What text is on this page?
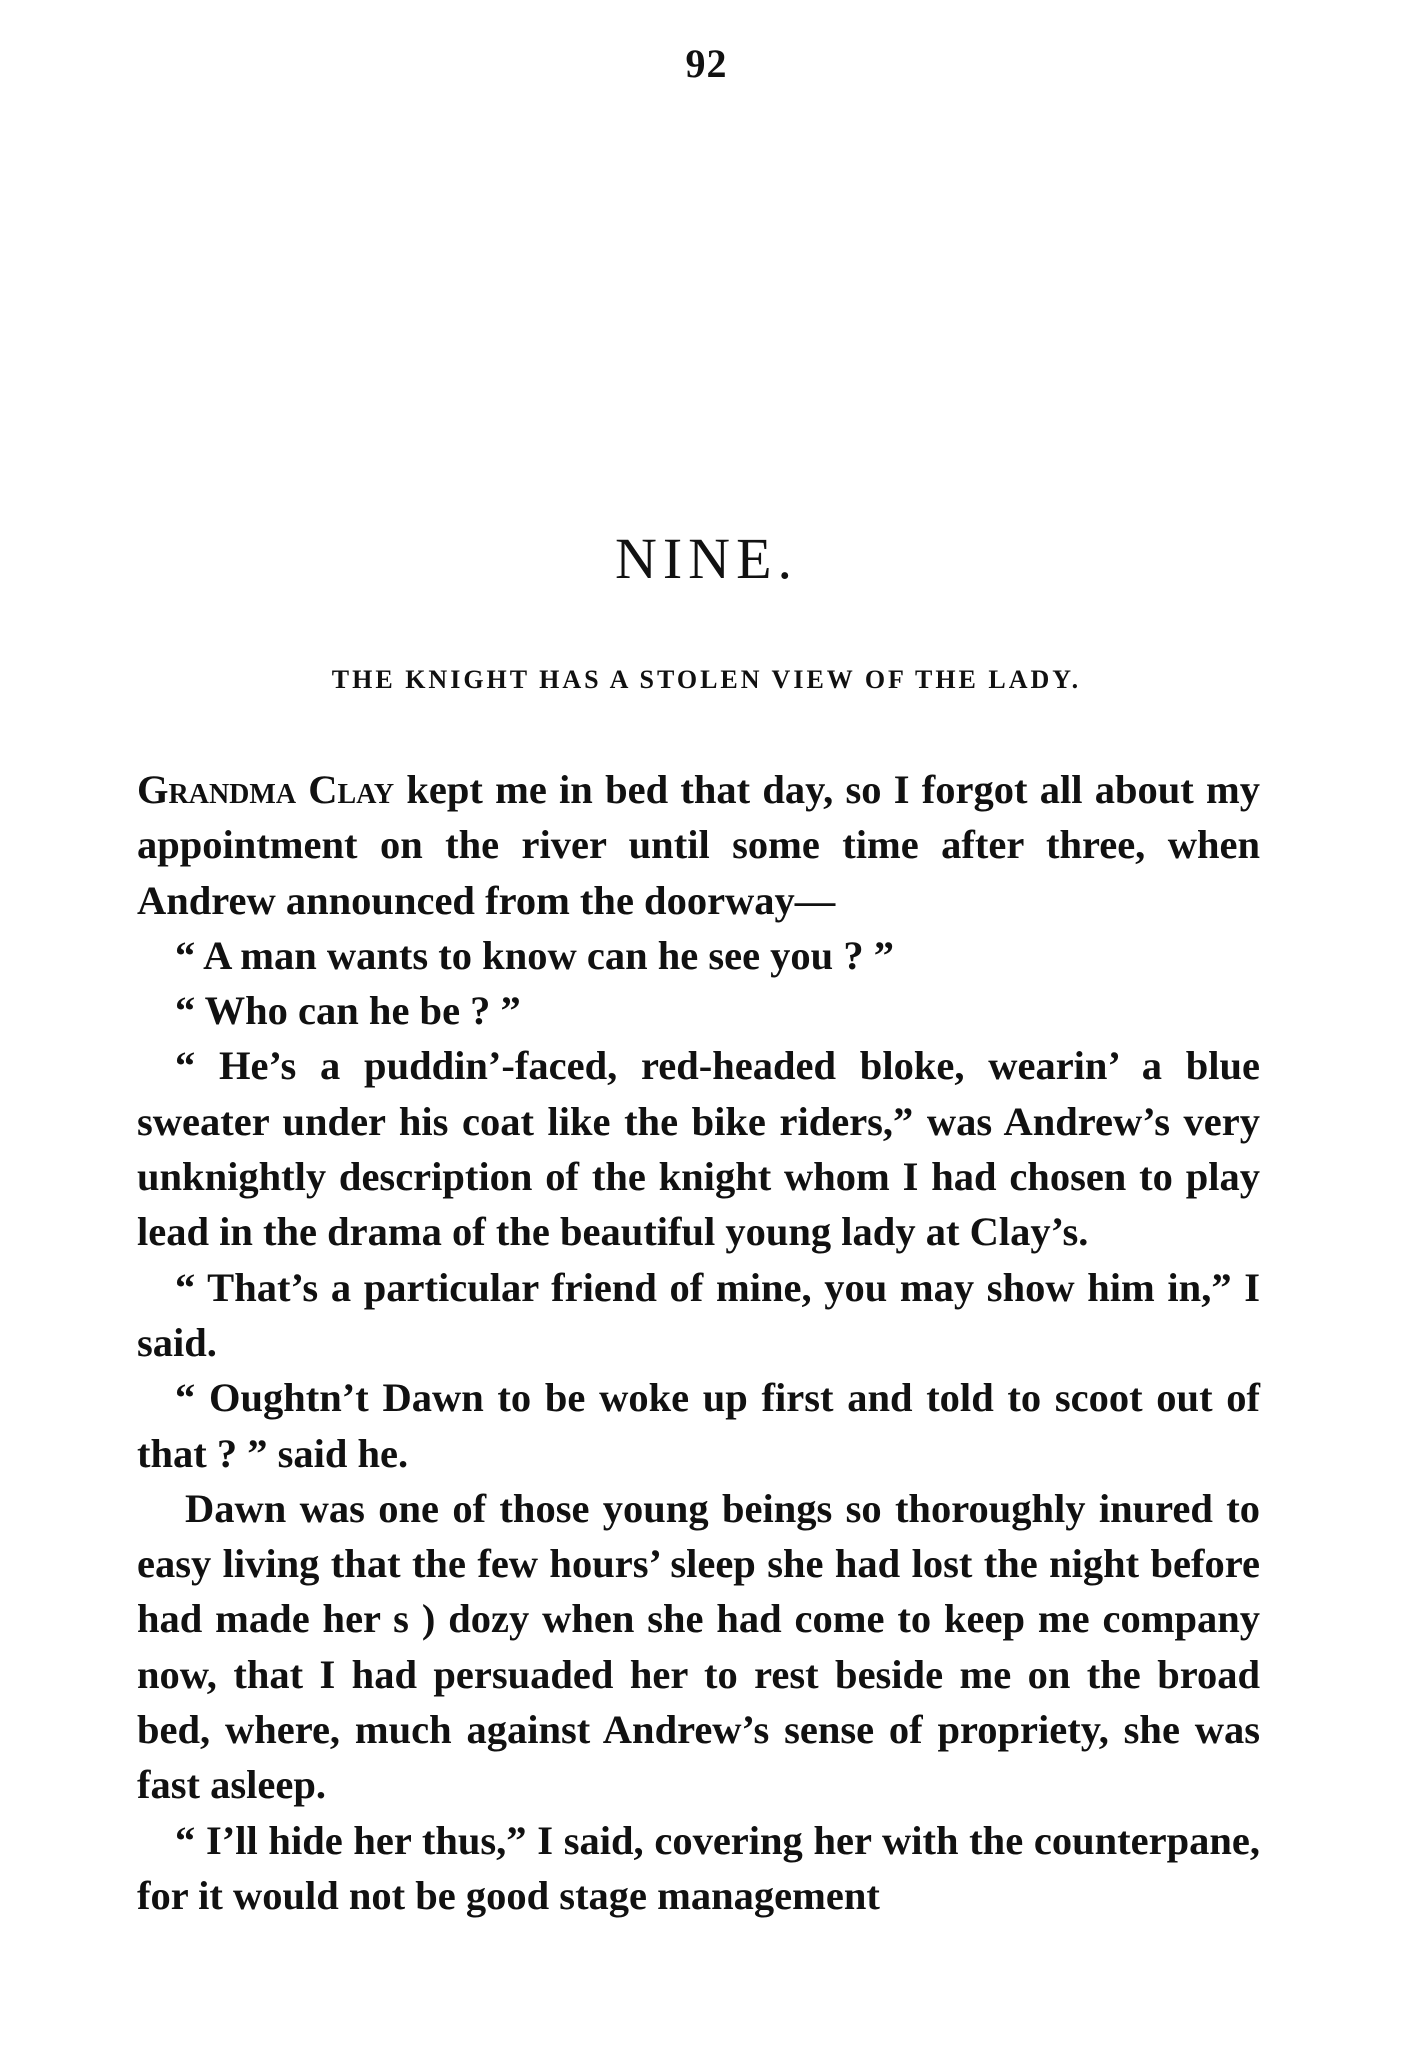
92
NINE.
THE KNIGHT HAS A STOLEN VIEW OF THE LADY.

Grandma Clay kept me in bed that day, so I forgot all about my appointment on the river until some time after three, when Andrew announced from the doorway—

“ A man wants to know can he see you ? ”

“ Who can he be ? ”

“ He’s a puddin’-faced, red-headed bloke, wearin’ a blue sweater under his coat like the bike riders,” was Andrew’s very unknightly description of the knight whom I had chosen to play lead in the drama of the beautiful young lady at Clay’s.

“ That’s a particular friend of mine, you may show him in,” I said.

“ Oughtn’t Dawn to be woke up first and told to scoot out of that ? ” said he.

Dawn was one of those young beings so thoroughly inured to easy living that the few hours’ sleep she had lost the night before had made her s ) dozy when she had come to keep me company now, that I had persuaded her to rest beside me on the broad bed, where, much against Andrew’s sense of propriety, she was fast asleep.

“ I’ll hide her thus,” I said, covering her with the counterpane, for it would not be good stage management
